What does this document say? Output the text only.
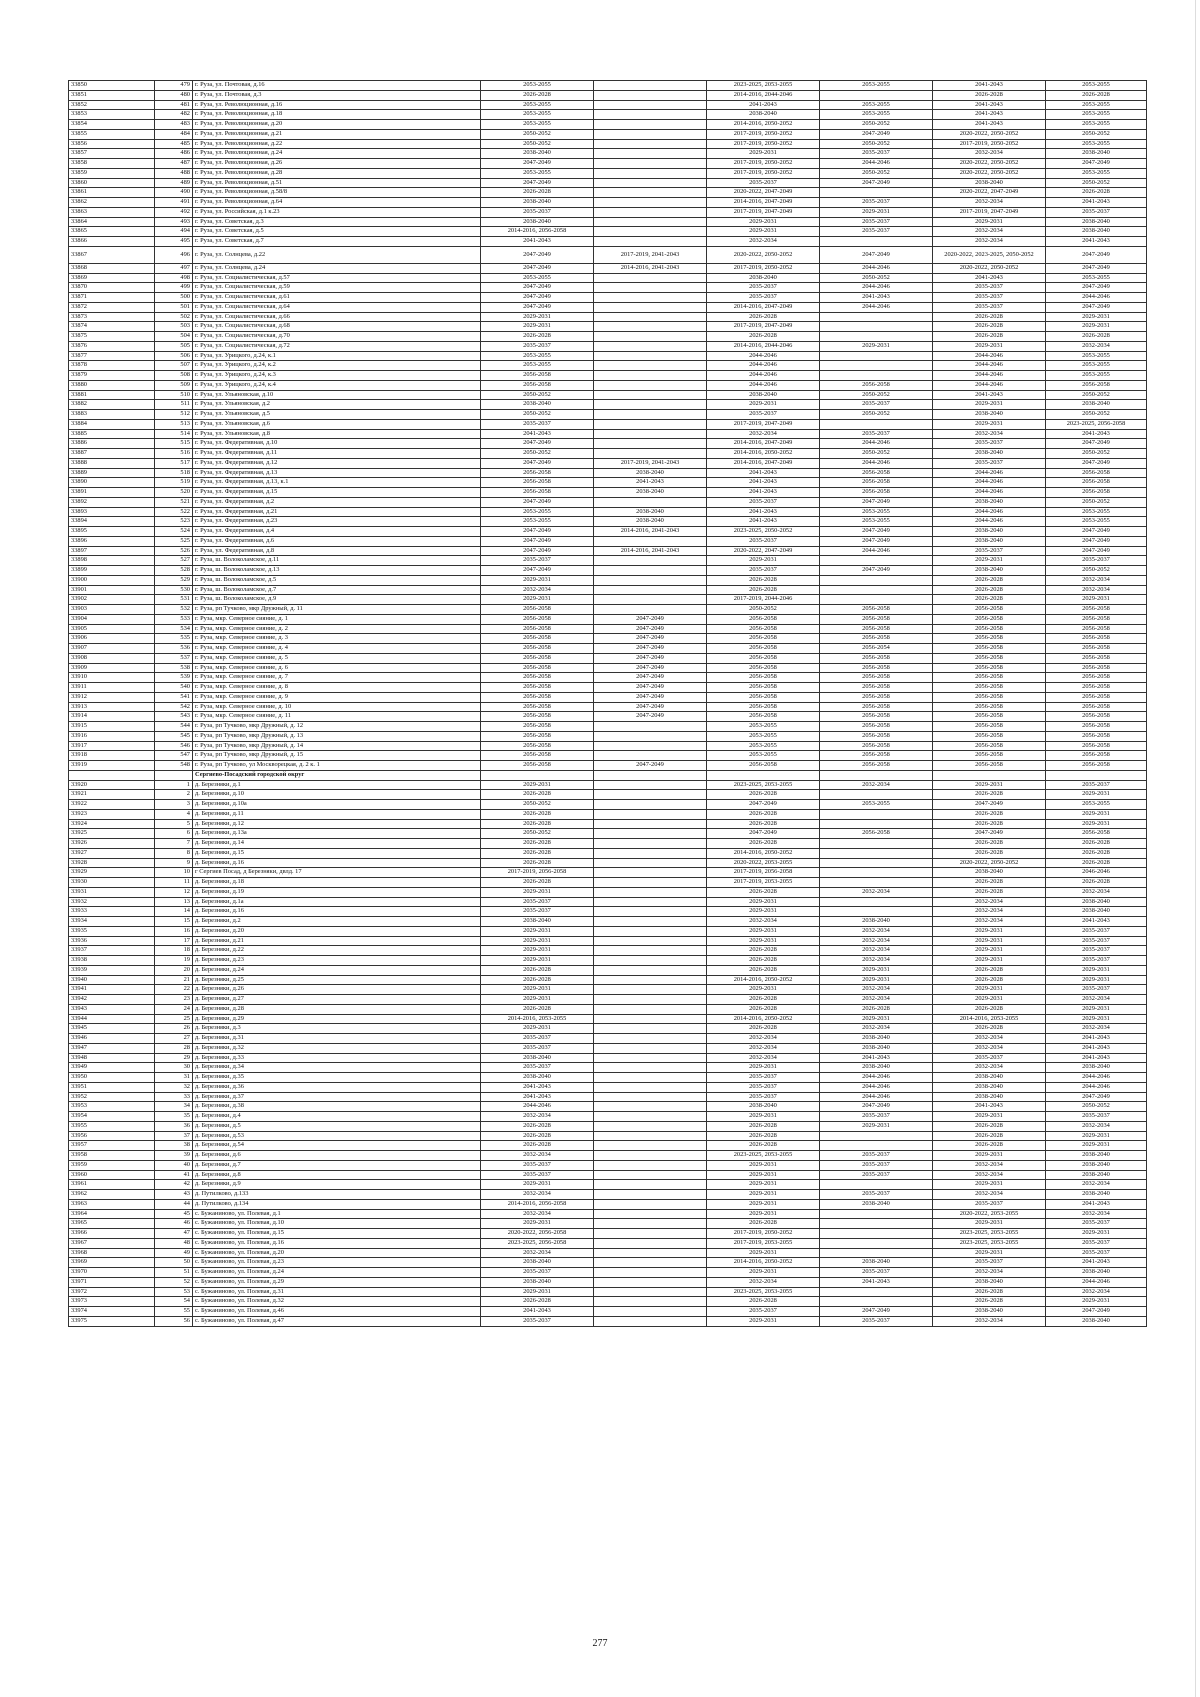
33850	479	г. Руза, ул. Почтовая, д.16	2053-2055		2023-2025, 2053-2055	2053-2055	2041-2043	2053-2055
33851	480	г. Руза, ул. Почтовая, д.3	2026-2028		2014-2016, 2044-2046		2026-2028	2026-2028
33852	481	г. Руза, ул. Революционная, д.16	2053-2055		2041-2043	2053-2055	2041-2043	2053-2055
33853	482	г. Руза, ул. Революционная, д.18	2053-2055		2038-2040	2053-2055	2041-2043	2053-2055
33854	483	г. Руза, ул. Революционная, д.20	2053-2055		2014-2016, 2050-2052	2050-2052	2041-2043	2053-2055
33855	484	г. Руза, ул. Революционная, д.21	2050-2052		2017-2019, 2050-2052	2047-2049	2020-2022, 2050-2052	2050-2052
33856	485	г. Руза, ул. Революционная, д.22	2050-2052		2017-2019, 2050-2052	2050-2052	2017-2019, 2050-2052	2053-2055
33857	486	г. Руза, ул. Революционная, д.24	2038-2040		2029-2031	2035-2037	2032-2034	2038-2040
33858	487	г. Руза, ул. Революционная, д.26	2047-2049		2017-2019, 2050-2052	2044-2046	2020-2022, 2050-2052	2047-2049
33859	488	г. Руза, ул. Революционная, д.28	2053-2055		2017-2019, 2050-2052	2050-2052	2020-2022, 2050-2052	2053-2055
33860	489	г. Руза, ул. Революционная, д.51	2047-2049		2035-2037	2047-2049	2038-2040	2050-2052
33861	490	г. Руза, ул. Революционная, д.58/8	2026-2028		2020-2022, 2047-2049		2020-2022, 2047-2049	2026-2028
33862	491	г. Руза, ул. Революционная, д.64	2038-2040		2014-2016, 2047-2049	2035-2037	2032-2034	2041-2043
33863	492	г. Руза, ул. Российская, д.1 к.23	2035-2037		2017-2019, 2047-2049	2029-2031	2017-2019, 2047-2049	2035-2037
33864	493	г. Руза, ул. Советская, д.3	2038-2040		2029-2031	2035-2037	2029-2031	2038-2040
33865	494	г. Руза, ул. Советская, д.5	2014-2016, 2056-2058		2029-2031	2035-2037	2032-2034	2038-2040
33866	495	г. Руза, ул. Советская, д.7	2041-2043		2032-2034		2032-2034	2041-2043
33867	496	г. Руза, ул. Солнцева, д.22	2047-2049	2017-2019, 2041-2043	2020-2022, 2050-2052	2047-2049	2020-2022, 2023-2025, 2050-2052	2047-2049
33868	497	г. Руза, ул. Солнцева, д.24	2047-2049	2014-2016, 2041-2043	2017-2019, 2050-2052	2044-2046	2020-2022, 2050-2052	2047-2049
33869	498	г. Руза, ул. Социалистическая, д.57	2053-2055		2038-2040	2050-2052	2041-2043	2053-2055
33870	499	г. Руза, ул. Социалистическая, д.59	2047-2049		2035-2037	2044-2046	2035-2037	2047-2049
33871	500	г. Руза, ул. Социалистическая, д.61	2047-2049		2035-2037	2041-2043	2035-2037	2044-2046
33872	501	г. Руза, ул. Социалистическая, д.64	2047-2049		2014-2016, 2047-2049	2044-2046	2035-2037	2047-2049
33873	502	г. Руза, ул. Социалистическая, д.66	2029-2031		2026-2028		2026-2028	2029-2031
33874	503	г. Руза, ул. Социалистическая, д.68	2029-2031		2017-2019, 2047-2049		2026-2028	2029-2031
33875	504	г. Руза, ул. Социалистическая, д.70	2026-2028		2026-2028		2026-2028	2026-2028
33876	505	г. Руза, ул. Социалистическая, д.72	2035-2037		2014-2016, 2044-2046	2029-2031	2029-2031	2032-2034
33877	506	г. Руза, ул. Урицкого, д.24, к.1	2053-2055		2044-2046		2044-2046	2053-2055
33878	507	г. Руза, ул. Урицкого, д.24, к.2	2053-2055		2044-2046		2044-2046	2053-2055
33879	508	г. Руза, ул. Урицкого, д.24, к.3	2056-2058		2044-2046		2044-2046	2053-2055
33880	509	г. Руза, ул. Урицкого, д.24, к.4	2056-2058		2044-2046	2056-2058	2044-2046	2056-2058
33881	510	г. Руза, ул. Ульяновская, д.10	2050-2052		2038-2040	2050-2052	2041-2043	2050-2052
33882	511	г. Руза, ул. Ульяновская, д.2	2038-2040		2029-2031	2035-2037	2029-2031	2038-2040
33883	512	г. Руза, ул. Ульяновская, д.5	2050-2052		2035-2037	2050-2052	2038-2040	2050-2052
33884	513	г. Руза, ул. Ульяновская, д.6	2035-2037		2017-2019, 2047-2049		2029-2031	2023-2025, 2056-2058
33885	514	г. Руза, ул. Ульяновская, д.8	2041-2043		2032-2034	2035-2037	2032-2034	2041-2043
33886	515	г. Руза, ул. Федеративная, д.10	2047-2049		2014-2016, 2047-2049	2044-2046	2035-2037	2047-2049
33887	516	г. Руза, ул. Федеративная, д.11	2050-2052		2014-2016, 2050-2052	2050-2052	2038-2040	2050-2052
33888	517	г. Руза, ул. Федеративная, д.12	2047-2049	2017-2019, 2041-2043	2014-2016, 2047-2049	2044-2046	2035-2037	2047-2049
33889	518	г. Руза, ул. Федеративная, д.13	2056-2058	2038-2040	2041-2043	2056-2058	2044-2046	2056-2058
33890	519	г. Руза, ул. Федеративная, д.13, к.1	2056-2058	2041-2043	2041-2043	2056-2058	2044-2046	2056-2058
33891	520	г. Руза, ул. Федеративная, д.15	2056-2058	2038-2040	2041-2043	2056-2058	2044-2046	2056-2058
33892	521	г. Руза, ул. Федеративная, д.2	2047-2049		2035-2037	2047-2049	2038-2040	2050-2052
33893	522	г. Руза, ул. Федеративная, д.21	2053-2055	2038-2040	2041-2043	2053-2055	2044-2046	2053-2055
33894	523	г. Руза, ул. Федеративная, д.23	2053-2055	2038-2040	2041-2043	2053-2055	2044-2046	2053-2055
33895	524	г. Руза, ул. Федеративная, д.4	2047-2049	2014-2016, 2041-2043	2023-2025, 2050-2052	2047-2049	2038-2040	2047-2049
33896	525	г. Руза, ул. Федеративная, д.6	2047-2049		2035-2037	2047-2049	2038-2040	2047-2049
33897	526	г. Руза, ул. Федеративная, д.8	2047-2049	2014-2016, 2041-2043	2020-2022, 2047-2049	2044-2046	2035-2037	2047-2049
33898	527	г. Руза, ш. Волоколамское, д.11	2035-2037		2029-2031		2029-2031	2035-2037
33899	528	г. Руза, ш. Волоколамское, д.13	2047-2049		2035-2037	2047-2049	2038-2040	2050-2052
33900	529	г. Руза, ш. Волоколамское, д.5	2029-2031		2026-2028		2026-2028	2032-2034
33901	530	г. Руза, ш. Волоколамское, д.7	2032-2034		2026-2028		2026-2028	2032-2034
33902	531	г. Руза, ш. Волоколамское, д.9	2029-2031		2017-2019, 2044-2046		2026-2028	2029-2031
33903	532	г. Руза, рп Тучково, мкр Дружный, д. 11	2056-2058		2050-2052	2056-2058	2056-2058	2056-2058
33904	533	г. Руза, мкр. Северное сияние, д. 1	2056-2058	2047-2049	2056-2058	2056-2058	2056-2058	2056-2058
33905	534	г. Руза, мкр. Северное сияние, д. 2	2056-2058	2047-2049	2056-2058	2056-2058	2056-2058	2056-2058
33906	535	г. Руза, мкр. Северное сияние, д. 3	2056-2058	2047-2049	2056-2058	2056-2058	2056-2058	2056-2058
33907	536	г. Руза, мкр. Северное сияние, д. 4	2056-2058	2047-2049	2056-2058	2056-2054	2056-2058	2056-2058
33908	537	г. Руза, мкр. Северное сияние, д. 5	2056-2058	2047-2049	2056-2058	2056-2058	2056-2058	2056-2058
33909	538	г. Руза, мкр. Северное сияние, д. 6	2056-2058	2047-2049	2056-2058	2056-2058	2056-2058	2056-2058
33910	539	г. Руза, мкр. Северное сияние, д. 7	2056-2058	2047-2049	2056-2058	2056-2058	2056-2058	2056-2058
33911	540	г. Руза, мкр. Северное сияние, д. 8	2056-2058	2047-2049	2056-2058	2056-2058	2056-2058	2056-2058
33912	541	г. Руза, мкр. Северное сияние, д. 9	2056-2058	2047-2049	2056-2058	2056-2058	2056-2058	2056-2058
33913	542	г. Руза, мкр. Северное сияние, д. 10	2056-2058	2047-2049	2056-2058	2056-2058	2056-2058	2056-2058
33914	543	г. Руза, мкр. Северное сияние, д. 11	2056-2058	2047-2049	2056-2058	2056-2058	2056-2058	2056-2058
33915	544	г. Руза, рп Тучково, мкр Дружный, д. 12	2056-2058		2053-2055	2056-2058	2056-2058	2056-2058
33916	545	г. Руза, рп Тучково, мкр Дружный, д. 13	2056-2058		2053-2055	2056-2058	2056-2058	2056-2058
33917	546	г. Руза, рп Тучково, мкр Дружный, д. 14	2056-2058		2053-2055	2056-2058	2056-2058	2056-2058
33918	547	г. Руза, рп Тучково, мкр Дружный, д. 15	2056-2058		2053-2055	2056-2058	2056-2058	2056-2058
33919	548	г. Руза, рп Тучково, ул Москворецкая, д. 2 к. 1	2056-2058	2047-2049	2056-2058	2056-2058	2056-2058	2056-2058
		Сергиево-Посадский городской округ						
33920	1	д. Березняки, д.1	2029-2031		2023-2025, 2053-2055	2032-2034	2029-2031	2035-2037
33921	2	д. Березняки, д.10	2026-2028		2026-2028		2026-2028	2029-2031
33922	3	д. Березняки, д.10а	2050-2052		2047-2049	2053-2055	2047-2049	2053-2055
33923	4	д. Березняки, д.11	2026-2028		2026-2028		2026-2028	2029-2031
33924	5	д. Березняки, д.12	2026-2028		2026-2028		2026-2028	2029-2031
33925	6	д. Березняки, д.13а	2050-2052		2047-2049	2056-2058	2047-2049	2056-2058
33926	7	д. Березняки, д.14	2026-2028		2026-2028		2026-2028	2026-2028
33927	8	д. Березняки, д.15	2026-2028		2014-2016, 2050-2052		2026-2028	2026-2028
33928	9	д. Березняки, д.16	2026-2028		2020-2022, 2053-2055		2020-2022, 2050-2052	2026-2028
33929	10	г Сергиев Посад, д Березняки, двлд. 17	2017-2019, 2056-2058		2017-2019, 2056-2058		2038-2040	2046-2046
33930	11	д. Березняки, д.18	2026-2028		2017-2019, 2053-2055		2026-2028	2026-2028
33931	12	д. Березняки, д.19	2029-2031		2026-2028	2032-2034	2026-2028	2032-2034
33932	13	д. Березняки, д.1а	2035-2037		2029-2031		2032-2034	2038-2040
33933	14	д. Березняки, д.16	2035-2037		2029-2031		2032-2034	2038-2040
33934	15	д. Березняки, д.2	2038-2040		2032-2034	2038-2040	2032-2034	2041-2043
33935	16	д. Березняки, д.20	2029-2031		2029-2031	2032-2034	2029-2031	2035-2037
33936	17	д. Березняки, д.21	2029-2031		2029-2031	2032-2034	2029-2031	2035-2037
33937	18	д. Березняки, д.22	2029-2031		2026-2028	2032-2034	2029-2031	2035-2037
33938	19	д. Березняки, д.23	2029-2031		2026-2028	2032-2034	2029-2031	2035-2037
33939	20	д. Березняки, д.24	2026-2028		2026-2028	2029-2031	2026-2028	2029-2031
33940	21	д. Березняки, д.25	2026-2028		2014-2016, 2050-2052	2029-2031	2026-2028	2029-2031
33941	22	д. Березняки, д.26	2029-2031		2029-2031	2032-2034	2029-2031	2035-2037
33942	23	д. Березняки, д.27	2029-2031		2026-2028	2032-2034	2029-2031	2032-2034
33943	24	д. Березняки, д.28	2026-2028		2026-2028	2026-2028	2026-2028	2029-2031
33944	25	д. Березняки, д.29	2014-2016, 2053-2055		2014-2016, 2050-2052	2029-2031	2014-2016, 2053-2055	2029-2031
33945	26	д. Березняки, д.3	2029-2031		2026-2028	2032-2034	2026-2028	2032-2034
33946	27	д. Березняки, д.31	2035-2037		2032-2034	2038-2040	2032-2034	2041-2043
33947	28	д. Березняки, д.32	2035-2037		2032-2034	2038-2040	2032-2034	2041-2043
33948	29	д. Березняки, д.33	2038-2040		2032-2034	2041-2043	2035-2037	2041-2043
33949	30	д. Березняки, д.34	2035-2037		2029-2031	2038-2040	2032-2034	2038-2040
33950	31	д. Березняки, д.35	2038-2040		2035-2037	2044-2046	2038-2040	2044-2046
33951	32	д. Березняки, д.36	2041-2043		2035-2037	2044-2046	2038-2040	2044-2046
33952	33	д. Березняки, д.37	2041-2043		2035-2037	2044-2046	2038-2040	2047-2049
33953	34	д. Березняки, д.38	2044-2046		2038-2040	2047-2049	2041-2043	2050-2052
33954	35	д. Березняки, д.4	2032-2034		2029-2031	2035-2037	2029-2031	2035-2037
33955	36	д. Березняки, д.5	2026-2028		2026-2028	2029-2031	2026-2028	2032-2034
33956	37	д. Березняки, д.53	2026-2028		2026-2028		2026-2028	2029-2031
33957	38	д. Березняки, д.54	2026-2028		2026-2028		2026-2028	2029-2031
33958	39	д. Березняки, д.6	2032-2034		2023-2025, 2053-2055	2035-2037	2029-2031	2038-2040
33959	40	д. Березняки, д.7	2035-2037		2029-2031	2035-2037	2032-2034	2038-2040
33960	41	д. Березняки, д.8	2035-2037		2029-2031	2035-2037	2032-2034	2038-2040
33961	42	д. Березняки, д.9	2029-2031		2029-2031		2029-2031	2032-2034
33962	43	д. Путилково, д.133	2032-2034		2029-2031	2035-2037	2032-2034	2038-2040
33963	44	д. Путилково, д.134	2014-2016, 2056-2058		2029-2031	2038-2040	2035-2037	2041-2043
33964	45	с. Бужаниново, ул. Полевая, д.1	2032-2034		2029-2031		2020-2022, 2053-2055	2032-2034
33965	46	с. Бужаниново, ул. Полевая, д.10	2029-2031		2026-2028		2029-2031	2035-2037
33966	47	с. Бужаниново, ул. Полевая, д.15	2020-2022, 2056-2058		2017-2019, 2050-2052		2023-2025, 2053-2055	2029-2031
33967	48	с. Бужаниново, ул. Полевая, д.16	2023-2025, 2056-2058		2017-2019, 2053-2055		2023-2025, 2053-2055	2035-2037
33968	49	с. Бужаниново, ул. Полевая, д.20	2032-2034		2029-2031		2029-2031	2035-2037
33969	50	с. Бужаниново, ул. Полевая, д.23	2038-2040		2014-2016, 2050-2052	2038-2040	2035-2037	2041-2043
33970	51	с. Бужаниново, ул. Полевая, д.24	2035-2037		2029-2031	2035-2037	2032-2034	2038-2040
33971	52	с. Бужаниново, ул. Полевая, д.29	2038-2040		2032-2034	2041-2043	2038-2040	2044-2046
33972	53	с. Бужаниново, ул. Полевая, д.31	2029-2031		2023-2025, 2053-2055		2026-2028	2032-2034
33973	54	с. Бужаниново, ул. Полевая, д.32	2026-2028		2026-2028		2026-2028	2029-2031
33974	55	с. Бужаниново, ул. Полевая, д.46	2041-2043		2035-2037	2047-2049	2038-2040	2047-2049
33975	56	с. Бужаниново, ул. Полевая, д.47	2035-2037		2029-2031	2035-2037	2032-2034	2038-2040
277
